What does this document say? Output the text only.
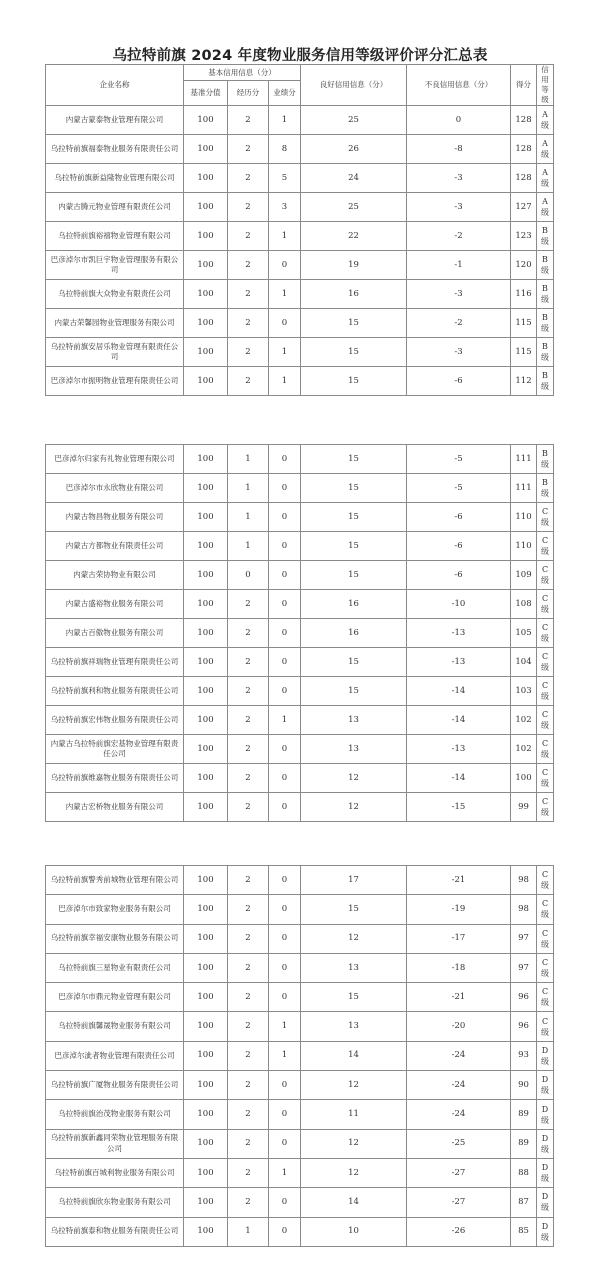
乌拉特前旗 2024 年度物业服务信用等级评价评分汇总表
企业名称	基本信用信息（分）			良好信用信息（分）	不良信用信息（分）	得分	信用等级
	基准分值	经历分	业绩分				
内蒙古蒙泰物业管理有限公司	100	2	1	25	0	128	A 级
乌拉特前旗福泰物业服务有限责任公司	100	2	8	26	-8	128	A 级
乌拉特前旗新益隆物业管理有限公司	100	2	5	24	-3	128	A 级
内蒙古腾元物业管理有限责任公司	100	2	3	25	-3	127	A 级
乌拉特前旗裕禧物业管理有限公司	100	2	1	22	-2	123	B 级
巴彦淖尔市凯巨宇物业管理服务有限公司	100	2	0	19	-1	120	B 级
乌拉特前旗大众物业有限责任公司	100	2	1	16	-3	116	B 级
内蒙古荣馨园物业管理服务有限公司	100	2	0	15	-2	115	B 级
乌拉特前旗安居乐物业管理有限责任公司	100	2	1	15	-3	115	B 级
巴彦淖尔市振明物业管理有限责任公司	100	2	1	15	-6	112	B 级
巴彦淖尔归家有礼物业管理有限公司	100	1	0	15	-5	111	B 级
巴彦淖尔市永欣物业有限公司	100	1	0	15	-5	111	B 级
内蒙古物昌物业服务有限公司	100	1	0	15	-6	110	C 级
内蒙古方都物业有限责任公司	100	1	0	15	-6	110	C 级
内蒙古荣协物业有限公司	100	0	0	15	-6	109	C 级
内蒙古盛裕物业服务有限公司	100	2	0	16	-10	108	C 级
内蒙古百傲物业服务有限公司	100	2	0	16	-13	105	C 级
乌拉特前旗祥瑞物业管理有限责任公司	100	2	0	15	-13	104	C 级
乌拉特前旗利和物业服务有限责任公司	100	2	0	15	-14	103	C 级
乌拉特前旗宏伟物业服务有限责任公司	100	2	1	13	-14	102	C 级
内蒙古乌拉特前旗宏基物业管理有限责任公司	100	2	0	13	-13	102	C 级
乌拉特前旗维嘉物业服务有限责任公司	100	2	0	12	-14	100	C 级
内蒙古宏桥物业服务有限公司	100	2	0	12	-15	99	C 级
乌拉特前旗警秀前城物业管理有限公司	100	2	0	17	-21	98	C 级
巴彦淖尔市致家物业服务有限公司	100	2	0	15	-19	98	C 级
乌拉特前旗幸福安康物业服务有限公司	100	2	0	12	-17	97	C 级
乌拉特前旗三星物业有限责任公司	100	2	0	13	-18	97	C 级
巴彦淖尔市鼎元物业管理有限公司	100	2	0	15	-21	96	C 级
乌拉特前旗馨晟物业服务有限公司	100	2	1	13	-20	96	C 级
巴彦淖尔泚者物业管理有限责任公司	100	2	1	14	-24	93	D 级
乌拉特前旗广厦物业服务有限责任公司	100	2	0	12	-24	90	D 级
乌拉特前旗治茂物业服务有限公司	100	2	0	11	-24	89	D 级
乌拉特前旗新鑫同荣物业管理服务有限公司	100	2	0	12	-25	89	D 级
乌拉特前旗百城利物业服务有限公司	100	2	1	12	-27	88	D 级
乌拉特前旗欣东物业服务有限公司	100	2	0	14	-27	87	D 级
乌拉特前旗泰和物业服务有限责任公司	100	1	0	10	-26	85	D 级
